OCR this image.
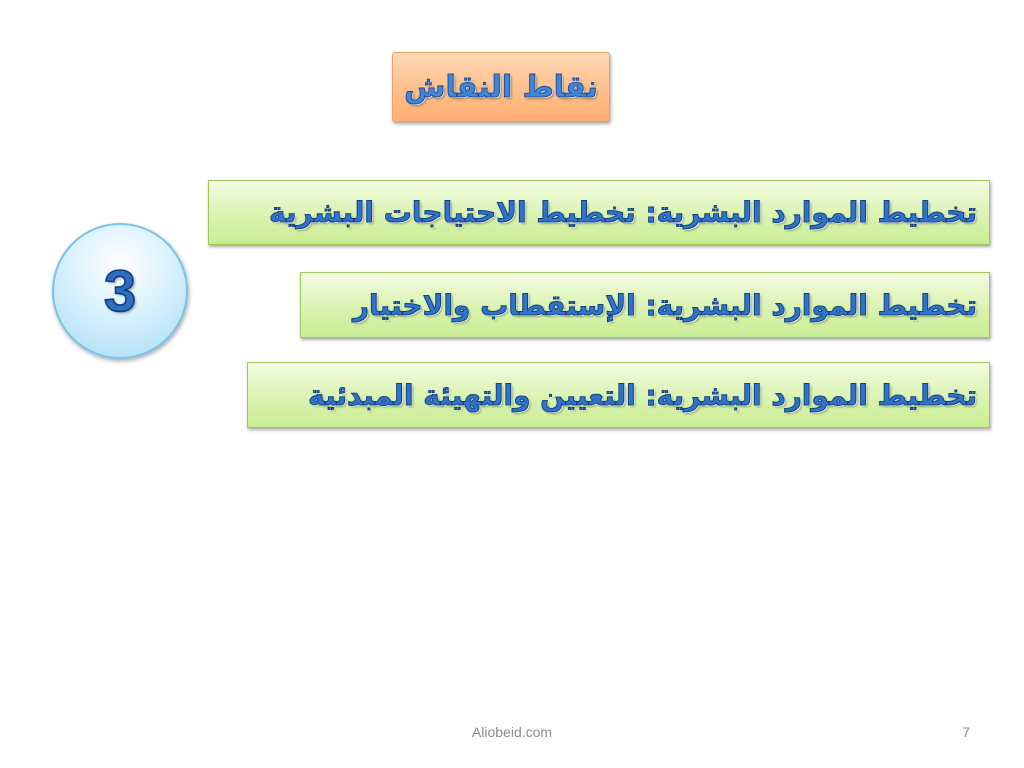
نقاط النقاش
3
تخطيط الموارد البشرية: تخطيط الاحتياجات البشرية
تخطيط الموارد البشرية: الإستقطاب والاختيار
تخطيط الموارد البشرية: التعيين والتهيئة المبدئية
Aliobeid.com	7
